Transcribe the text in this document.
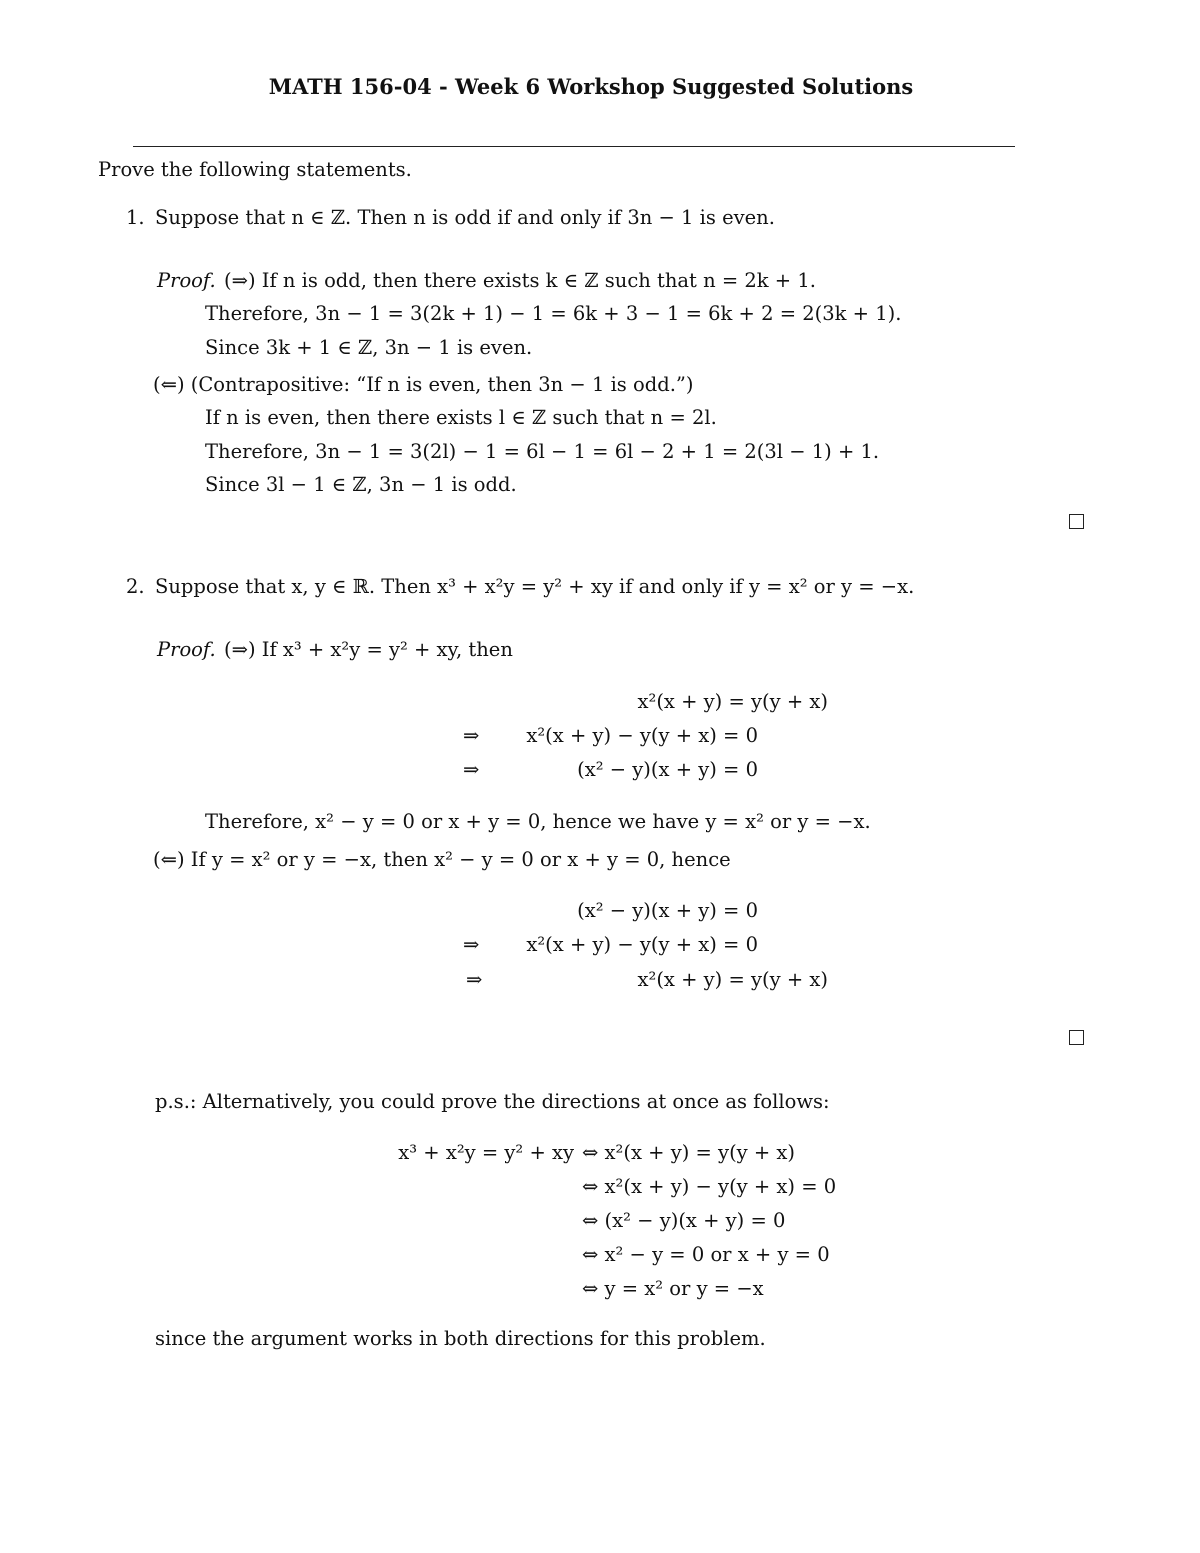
MATH 156-04 - Week 6 Workshop Suggested Solutions
Prove the following statements.
1. Suppose that n ∈ ℤ. Then n is odd if and only if 3n − 1 is even.
Proof. (⇒) If n is odd, then there exists k ∈ ℤ such that n = 2k + 1.
Therefore, 3n − 1 = 3(2k + 1) − 1 = 6k + 3 − 1 = 6k + 2 = 2(3k + 1).
Since 3k + 1 ∈ ℤ, 3n − 1 is even.
(⇐) (Contrapositive: “If n is even, then 3n − 1 is odd.”)
If n is even, then there exists l ∈ ℤ such that n = 2l.
Therefore, 3n − 1 = 3(2l) − 1 = 6l − 1 = 6l − 2 + 1 = 2(3l − 1) + 1.
Since 3l − 1 ∈ ℤ, 3n − 1 is odd.
2. Suppose that x, y ∈ ℝ. Then x³ + x²y = y² + xy if and only if y = x² or y = −x.
Proof. (⇒) If x³ + x²y = y² + xy, then
x²(x + y) = y(y + x)
⇒	x²(x + y) − y(y + x) = 0
⇒	(x² − y)(x + y) = 0
Therefore, x² − y = 0 or x + y = 0, hence we have y = x² or y = −x.
(⇐) If y = x² or y = −x, then x² − y = 0 or x + y = 0, hence
(x² − y)(x + y) = 0
⇒	x²(x + y) − y(y + x) = 0
⇒	x²(x + y) = y(y + x)
p.s.: Alternatively, you could prove the directions at once as follows:
x³ + x²y = y² + xy ⇔ x²(x + y) = y(y + x)
⇔ x²(x + y) − y(y + x) = 0
⇔ (x² − y)(x + y) = 0
⇔ x² − y = 0 or x + y = 0
⇔ y = x² or y = −x
since the argument works in both directions for this problem.
